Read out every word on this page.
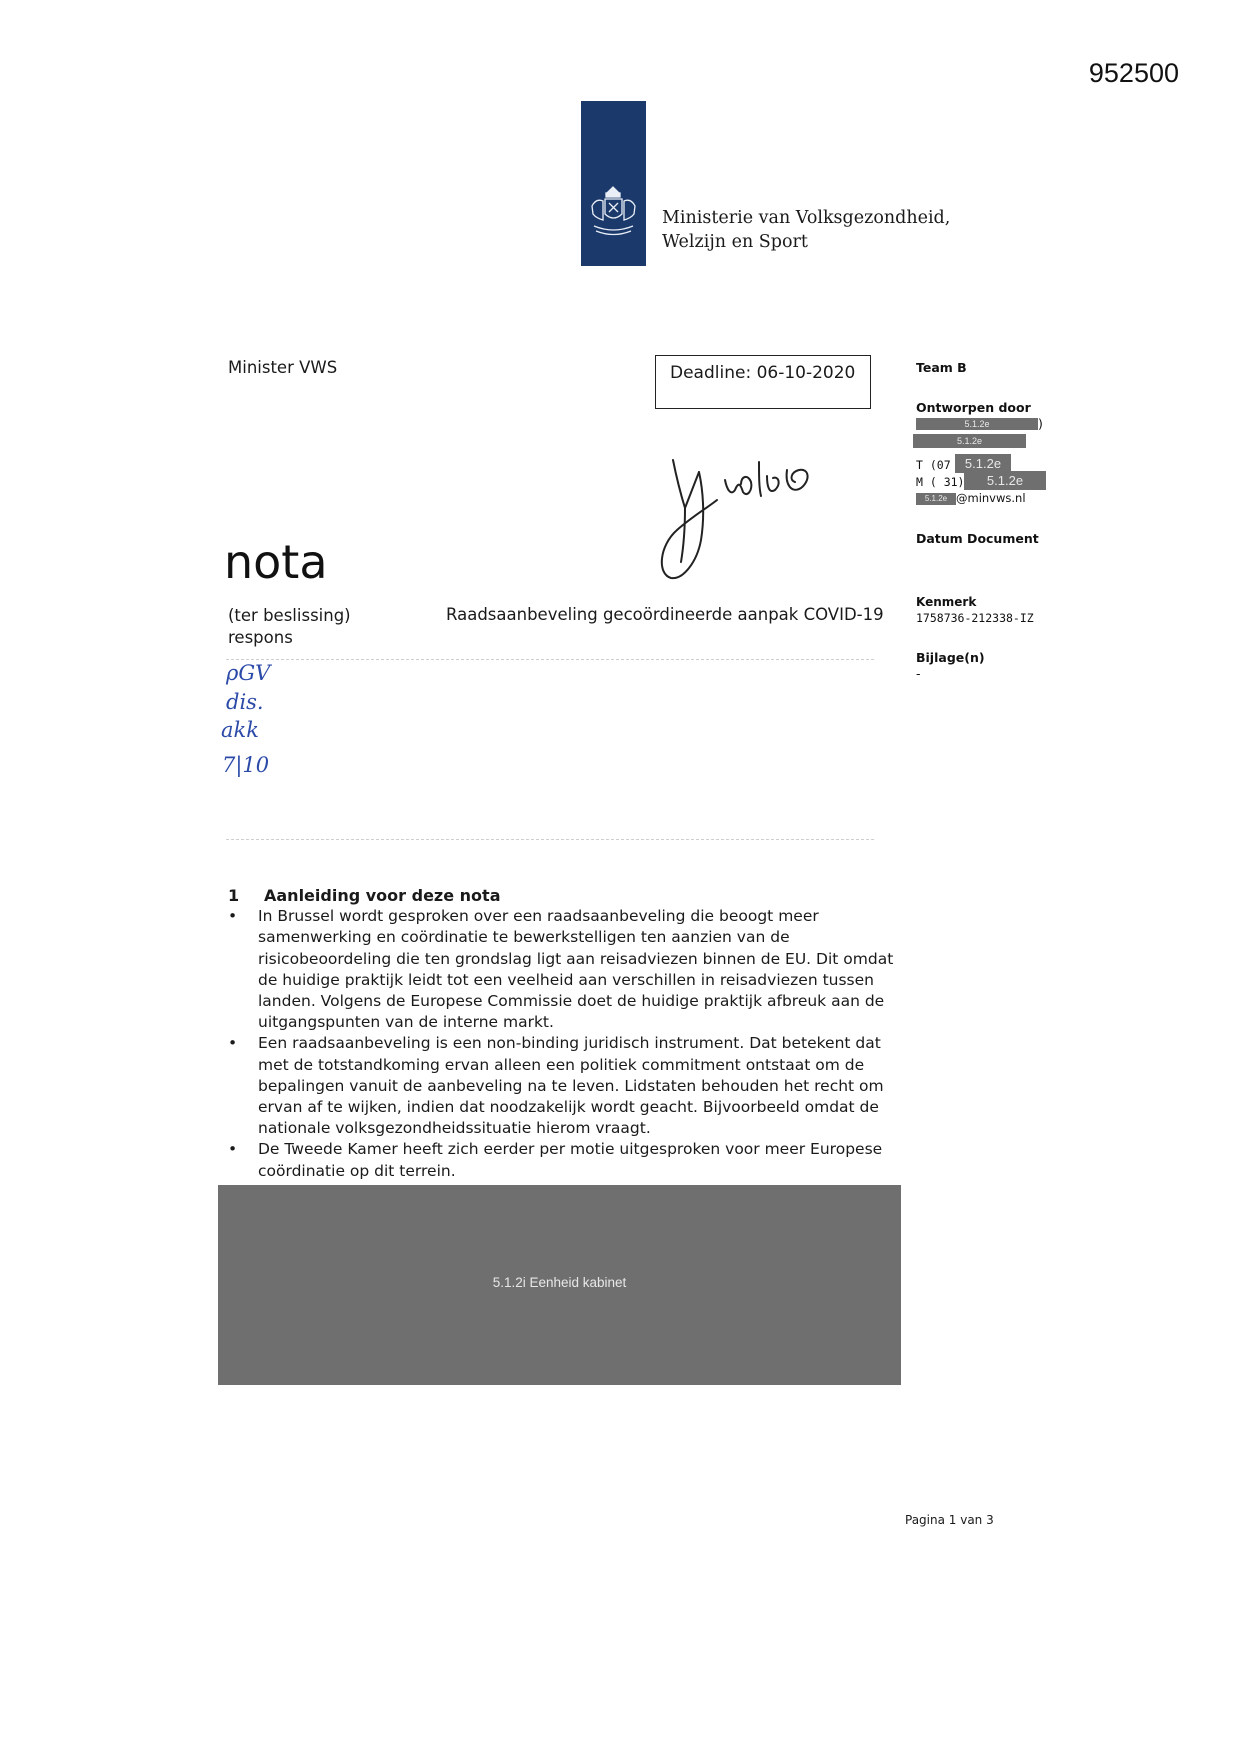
952500
Ministerie van Volksgezondheid,
Welzijn en Sport
Minister VWS	Deadline: 06-10-2020	Team B
Ontworpen door
5.1.2e	)
5.1.2e
T (07	5.1.2e
M ( 31)	5.1.2e
5.1.2e @minvws.nl
Datum Document
Kenmerk
1758736-212338-IZ
Bijlage(n)
-
nota
(ter beslissing)
respons
Raadsaanbeveling gecoördineerde aanpak COVID-19
ρGV
dis.
akk
7|10
1 Aanleiding voor deze nota
• In Brussel wordt gesproken over een raadsaanbeveling die beoogt meer samenwerking en coördinatie te bewerkstelligen ten aanzien van de risicobeoordeling die ten grondslag ligt aan reisadviezen binnen de EU. Dit omdat de huidige praktijk leidt tot een veelheid aan verschillen in reisadviezen tussen landen. Volgens de Europese Commissie doet de huidige praktijk afbreuk aan de uitgangspunten van de interne markt.
• Een raadsaanbeveling is een non-binding juridisch instrument. Dat betekent dat met de totstandkoming ervan alleen een politiek commitment ontstaat om de bepalingen vanuit de aanbeveling na te leven. Lidstaten behouden het recht om ervan af te wijken, indien dat noodzakelijk wordt geacht. Bijvoorbeeld omdat de nationale volksgezondheidssituatie hierom vraagt.
• De Tweede Kamer heeft zich eerder per motie uitgesproken voor meer Europese coördinatie op dit terrein.
5.1.2i Eenheid kabinet
Pagina 1 van 3
